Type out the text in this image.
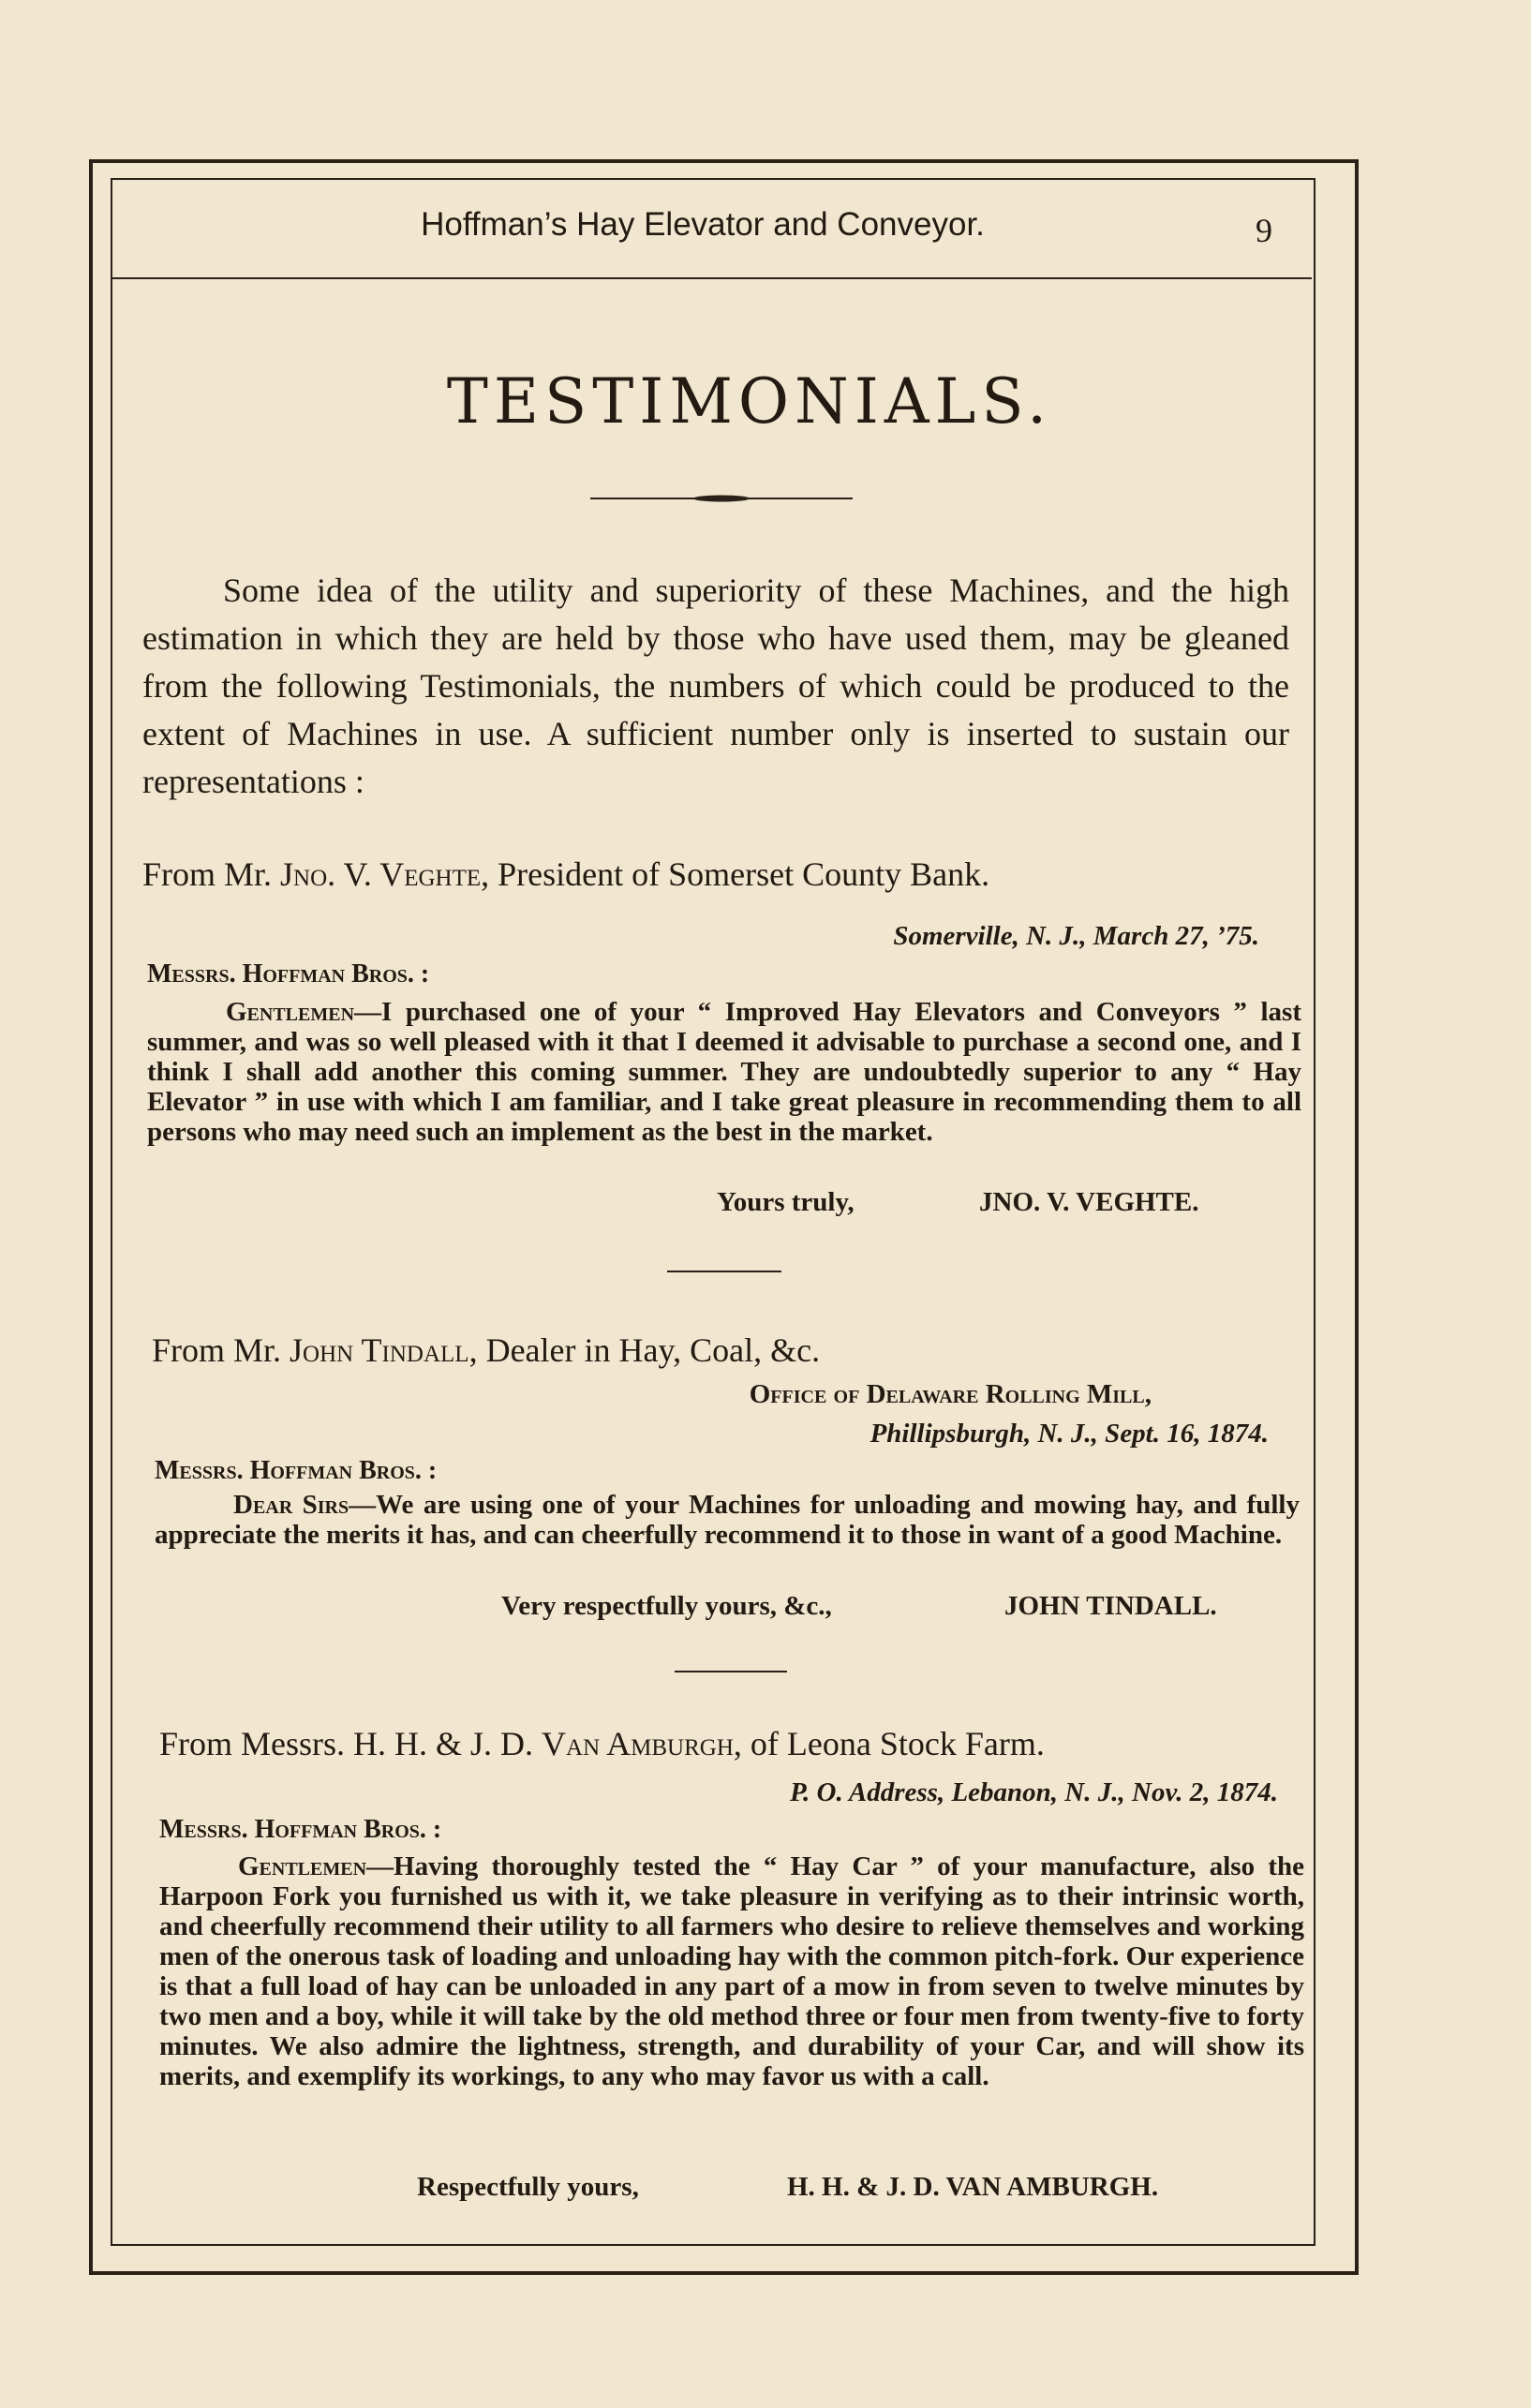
Hoffman’s Hay Elevator and Conveyor.	9
TESTIMONIALS.

Some idea of the utility and superiority of these Machines, and the high estimation in which they are held by those who have used them, may be gleaned from the following Testimonials, the numbers of which could be produced to the extent of Machines in use. A sufficient number only is inserted to sustain our representations :

From Mr. Jno. V. Veghte, President of Somerset County Bank.
Somerville, N. J., March 27, ’75.
Messrs. Hoffman Bros. :

Gentlemen—I purchased one of your “ Improved Hay Elevators and Conveyors ” last summer, and was so well pleased with it that I deemed it advisable to purchase a second one, and I think I shall add another this coming summer. They are undoubtedly superior to any “ Hay Elevator ” in use with which I am familiar, and I take great pleasure in recommending them to all persons who may need such an implement as the best in the market.

Yours truly,	JNO. V. VEGHTE.
From Mr. John Tindall, Dealer in Hay, Coal, &c.
Office of Delaware Rolling Mill,
Phillipsburgh, N. J., Sept. 16, 1874.
Messrs. Hoffman Bros. :

Dear Sirs—We are using one of your Machines for unloading and mowing hay, and fully appreciate the merits it has, and can cheerfully recommend it to those in want of a good Machine.

Very respectfully yours, &c.,	JOHN TINDALL.
From Messrs. H. H. & J. D. Van Amburgh, of Leona Stock Farm.
P. O. Address, Lebanon, N. J., Nov. 2, 1874.
Messrs. Hoffman Bros. :

Gentlemen—Having thoroughly tested the “ Hay Car ” of your manufacture, also the Harpoon Fork you furnished us with it, we take pleasure in verifying as to their intrinsic worth, and cheerfully recommend their utility to all farmers who desire to relieve themselves and working men of the onerous task of loading and unloading hay with the common pitch-fork. Our experience is that a full load of hay can be unloaded in any part of a mow in from seven to twelve minutes by two men and a boy, while it will take by the old method three or four men from twenty-five to forty minutes. We also admire the lightness, strength, and durability of your Car, and will show its merits, and exemplify its workings, to any who may favor us with a call.

Respectfully yours,	H. H. & J. D. VAN AMBURGH.
